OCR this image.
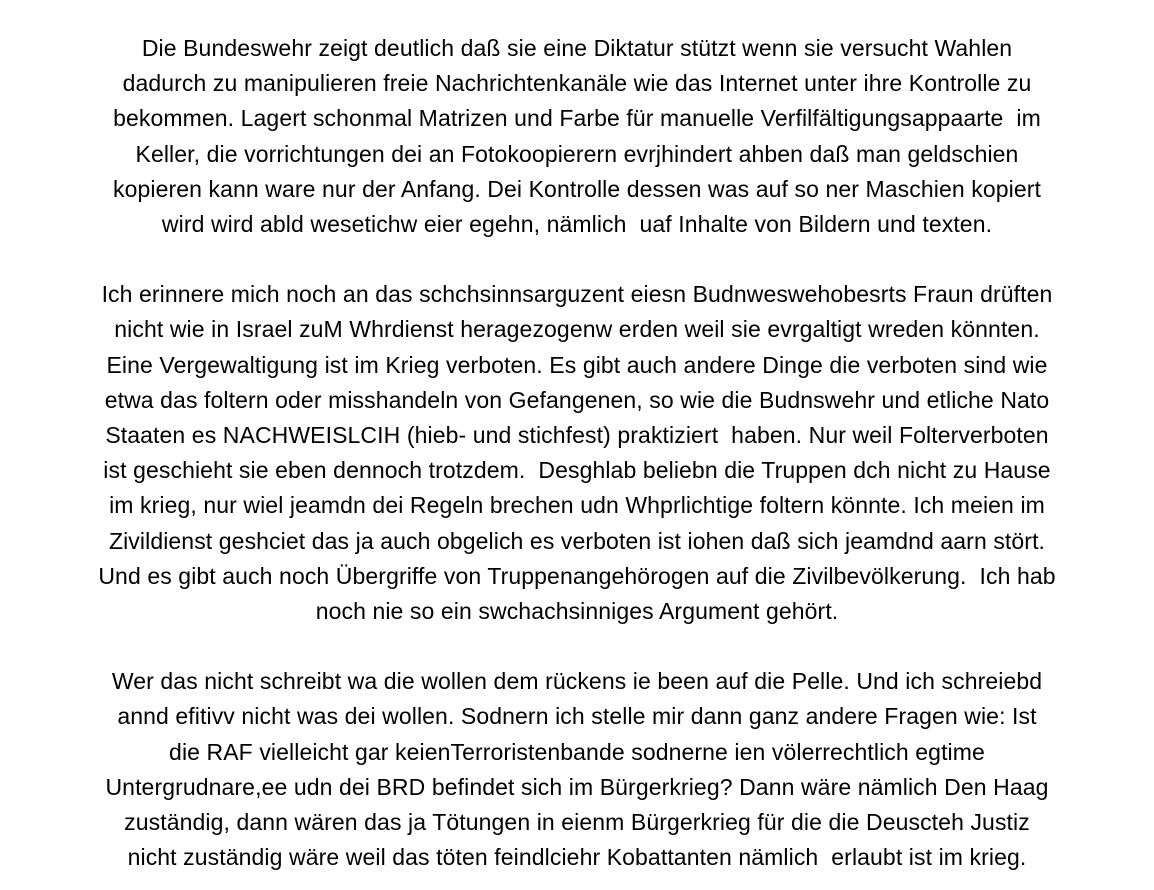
Die Bundeswehr zeigt deutlich daß sie eine Diktatur stützt wenn sie versucht Wahlen
dadurch zu manipulieren freie Nachrichtenkanäle wie das Internet unter ihre Kontrolle zu
bekommen. Lagert schonmal Matrizen und Farbe für manuelle Verfilfältigungsappaarte  im
Keller, die vorrichtungen dei an Fotokoopierern evrjhindert ahben daß man geldschien
kopieren kann ware nur der Anfang. Dei Kontrolle dessen was auf so ner Maschien kopiert
wird wird abld wesetichw eier egehn, nämlich  uaf Inhalte von Bildern und texten.
Ich erinnere mich noch an das schchsinnsarguzent eiesn Budnweswehobesrts Fraun drüften
nicht wie in Israel zuM Whrdienst heragezogenw erden weil sie evrgaltigt wreden könnten.
Eine Vergewaltigung ist im Krieg verboten. Es gibt auch andere Dinge die verboten sind wie
etwa das foltern oder misshandeln von Gefangenen, so wie die Budnswehr und etliche Nato
Staaten es NACHWEISLCIH (hieb- und stichfest) praktiziert  haben. Nur weil Folterverboten
ist geschieht sie eben dennoch trotzdem.  Desghlab beliebn die Truppen dch nicht zu Hause
im krieg, nur wiel jeamdn dei Regeln brechen udn Whprlichtige foltern könnte. Ich meien im
Zivildienst geshciet das ja auch obgelich es verboten ist iohen daß sich jeamdnd aarn stört.
Und es gibt auch noch Übergriffe von Truppenangehörogen auf die Zivilbevölkerung.  Ich hab
noch nie so ein swchachsinniges Argument gehört.
Wer das nicht schreibt wa die wollen dem rückens ie been auf die Pelle. Und ich schreiebd
annd efitivv nicht was dei wollen. Sodnern ich stelle mir dann ganz andere Fragen wie: Ist
die RAF vielleicht gar keienTerroristenbande sodnerne ien völerrechtlich egtime
Untergrudnare,ee udn dei BRD befindet sich im Bürgerkrieg? Dann wäre nämlich Den Haag
zuständig, dann wären das ja Tötungen in eienm Bürgerkrieg für die die Deuscteh Justiz
nicht zuständig wäre weil das töten feindlciehr Kobattanten nämlich  erlaubt ist im krieg.
